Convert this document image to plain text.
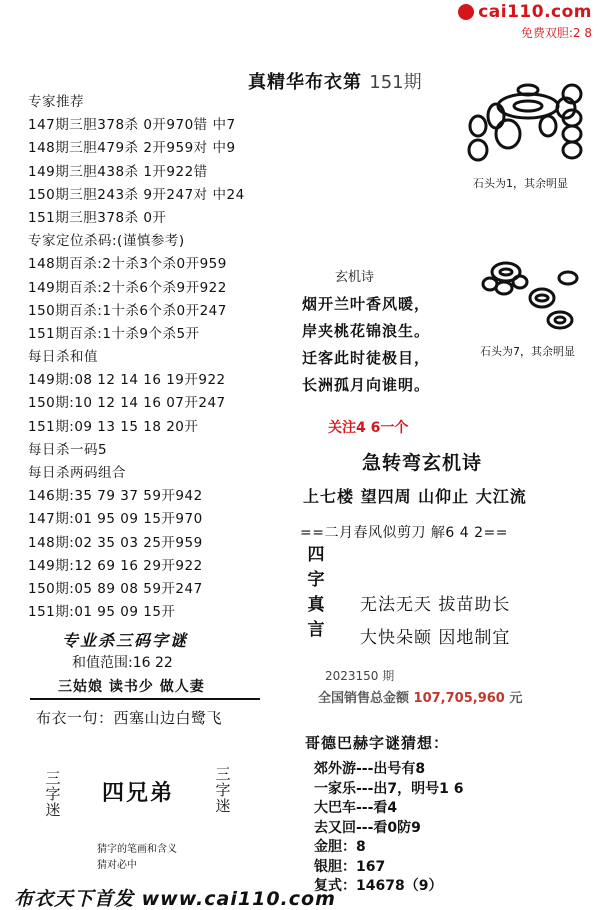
cai110.com
免费双胆:2 8
真精华布衣第 151期
专家推荐
147期三胆378杀 0开970错 中7
148期三胆479杀 2开959对 中9
149期三胆438杀 1开922错
150期三胆243杀 9开247对 中24
151期三胆378杀 0开
专家定位杀码:(谨慎参考)
148期百杀:2十杀3个杀0开959
149期百杀:2十杀6个杀9开922
150期百杀:1十杀6个杀0开247
151期百杀:1十杀9个杀5开
每日杀和值
149期:08 12 14 16 19开922
150期:10 12 14 16 07开247
151期:09 13 15 18 20开
每日杀一码5
每日杀两码组合
146期:35 79 37 59开942
147期:01 95 09 15开970
148期:02 35 03 25开959
149期:12 69 16 29开922
150期:05 89 08 59开247
151期:01 95 09 15开
石头为1，其余明显
石头为7，其余明显
玄机诗
烟开兰叶香风暖，
岸夹桃花锦浪生。
迁客此时徒极目，
长洲孤月向谁明。
关注4 6一个
急转弯玄机诗
上七楼 望四周 山仰止 大江流
==二月春风似剪刀 解6 4 2==
四
字
真
言
无法无天 拔苗助长
大快朵颐 因地制宜
2023150 期
全国销售总金额 107,705,960 元
哥德巴赫字谜猜想：
郊外游---出号有8
一家乐---出7，明号1 6
大巴车---看4
去又回---看0防9
金胆：8
银胆：167
复式：14678（9）
专业杀三码字谜
和值范围:16 22
三姑娘 读书少 做人妻
布衣一句：西塞山边白鹭飞
三
字
迷
四兄弟
三
字
迷
猜字的笔画和含义
猜对必中
布衣天下首发 www.cai110.com
